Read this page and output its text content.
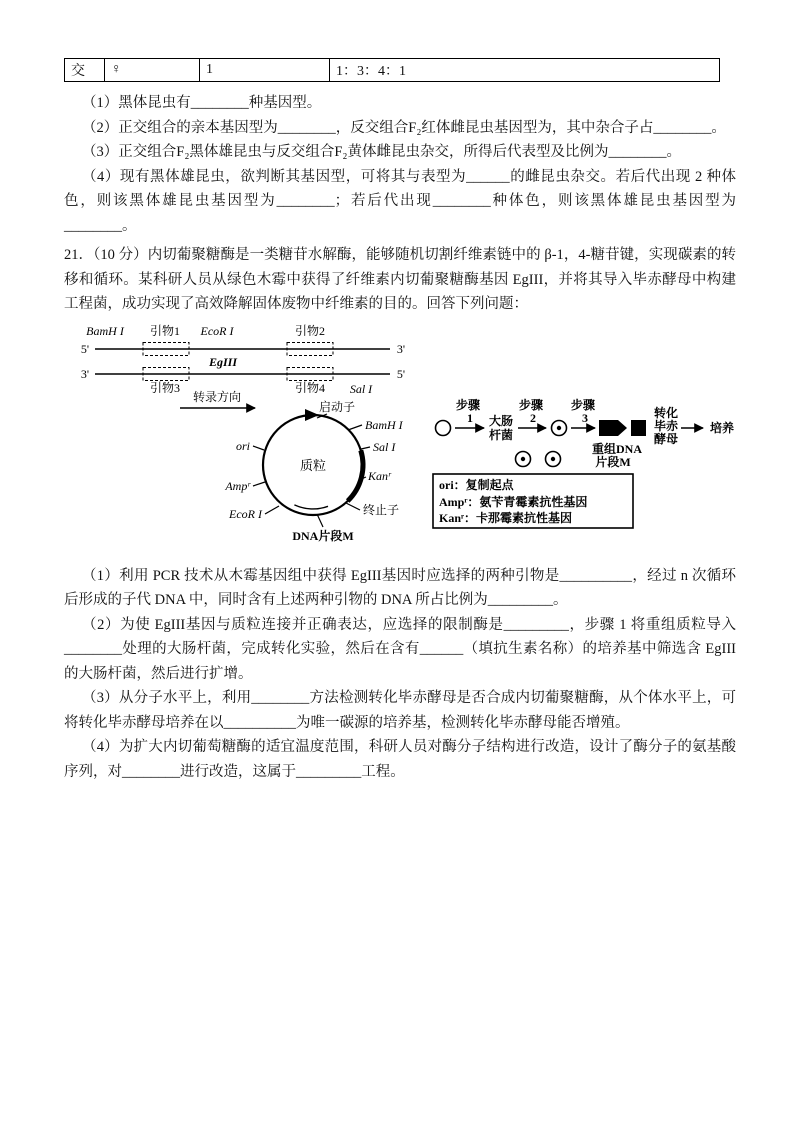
交	♀	1	1：3：4：1

（1）黑体昆虫有________种基因型。

（2）正交组合的亲本基因型为________，反交组合F₂红体雌昆虫基因型为，其中杂合子占________。

（3）正交组合F₂黑体雄昆虫与反交组合F₂黄体雌昆虫杂交，所得后代表型及比例为________。

（4）现有黑体雄昆虫，欲判断其基因型，可将其与表型为______的雌昆虫杂交。若后代出现 2 种体色，则该黑体雄昆虫基因型为________；若后代出现________种体色，则该黑体雄昆虫基因型为________。

21．（10 分）内切葡聚糖酶是一类糖苷水解酶，能够随机切割纤维素链中的 β-1，4-糖苷键，实现碳素的转移和循环。某科研人员从绿色木霉中获得了纤维素内切葡聚糖酶基因 EgIII，并将其导入毕赤酵母中构建工程菌，成功实现了高效降解固体废物中纤维素的目的。回答下列问题：

BamH I 引物1 EcoR I	引物2
5'	3'
EgIII
3'	5'
引物3	引物4 Sal I
转录方向
启动子
BamH I
Sal I
Kanʳ
终止子
ori
Ampʳ
EcoR I
质粒
DNA片段M
步骤
1 大肠
杆菌
步骤
2
步骤
3
重组DNA
片段M
转化
毕赤
酵母
培养
ori：复制起点
Ampʳ：氨苄青霉素抗性基因
Kanʳ：卡那霉素抗性基因

（1）利用 PCR 技术从木霉基因组中获得 EgIII基因时应选择的两种引物是__________，经过 n 次循环后形成的子代 DNA 中，同时含有上述两种引物的 DNA 所占比例为_________。

（2）为使 EgIII基因与质粒连接并正确表达，应选择的限制酶是_________，步骤 1 将重组质粒导入________处理的大肠杆菌，完成转化实验，然后在含有______（填抗生素名称）的培养基中筛选含 EgIII的大肠杆菌，然后进行扩增。

（3）从分子水平上，利用________方法检测转化毕赤酵母是否合成内切葡聚糖酶，从个体水平上，可将转化毕赤酵母培养在以__________为唯一碳源的培养基，检测转化毕赤酵母能否增殖。

（4）为扩大内切葡萄糖酶的适宜温度范围，科研人员对酶分子结构进行改造，设计了酶分子的氨基酸序列，对________进行改造，这属于_________工程。
